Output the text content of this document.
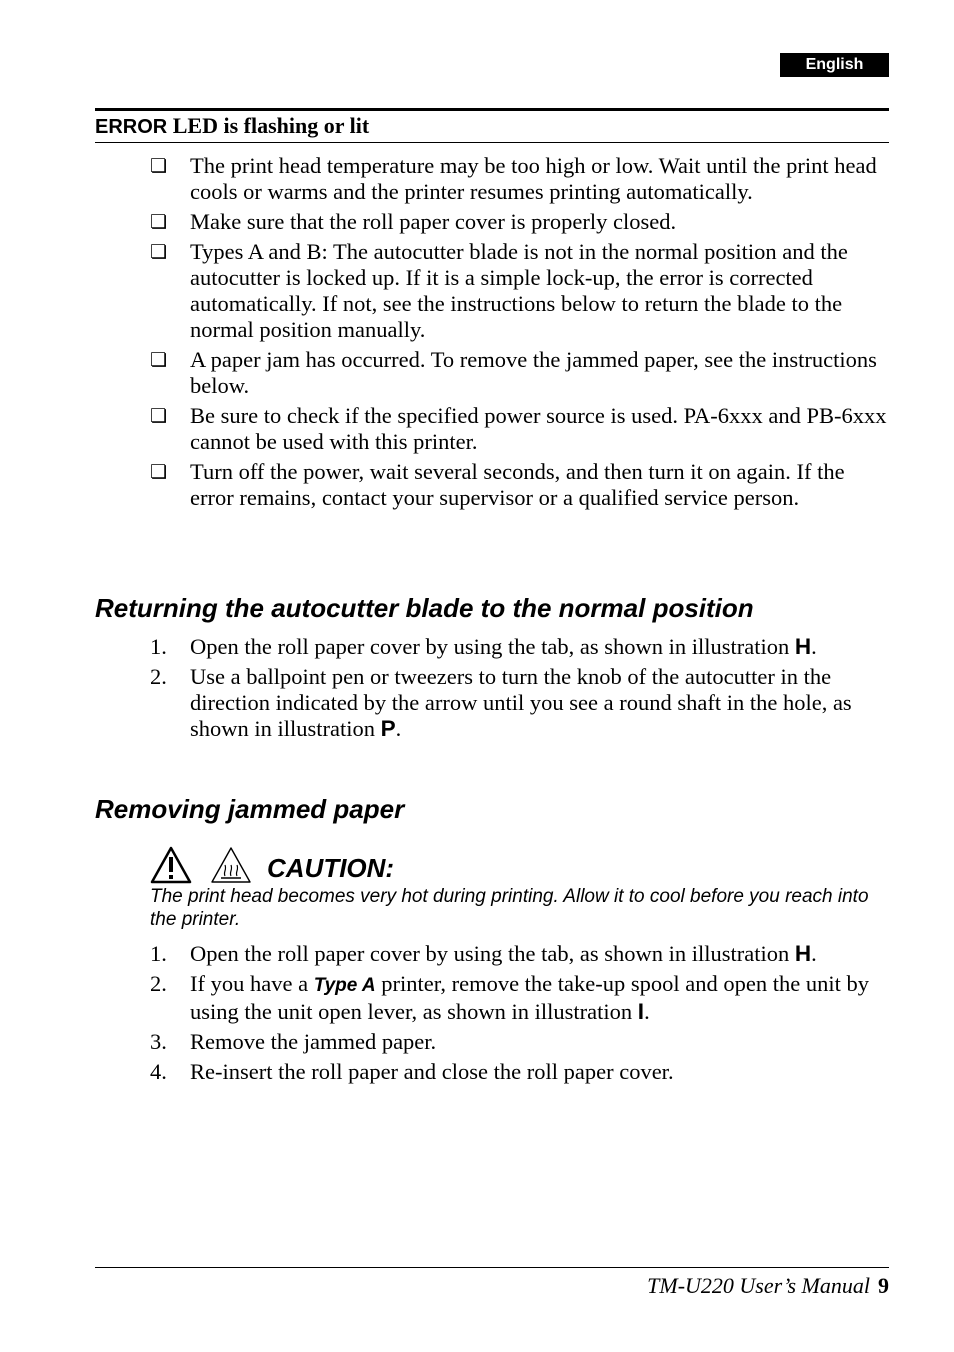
English
ERROR LED is flashing or lit
❏	The print head temperature may be too high or low. Wait until the print head cools or warms and the printer resumes printing automatically.
❏	Make sure that the roll paper cover is properly closed.
❏	Types A and B: The autocutter blade is not in the normal position and the autocutter is locked up. If it is a simple lock-up, the error is corrected automatically. If not, see the instructions below to return the blade to the normal position manually.
❏	A paper jam has occurred. To remove the jammed paper, see the instructions below.
❏	Be sure to check if the specified power source is used. PA-6xxx and PB-6xxx cannot be used with this printer.
❏	Turn off the power, wait several seconds, and then turn it on again. If the error remains, contact your supervisor or a qualified service person.
Returning the autocutter blade to the normal position
1.	Open the roll paper cover by using the tab, as shown in illustration H.
2.	Use a ballpoint pen or tweezers to turn the knob of the autocutter in the direction indicated by the arrow until you see a round shaft in the hole, as shown in illustration P.
Removing jammed paper
CAUTION:
The print head becomes very hot during printing. Allow it to cool before you reach into the printer.
1.	Open the roll paper cover by using the tab, as shown in illustration H.
2.	If you have a Type A printer, remove the take-up spool and open the unit by using the unit open lever, as shown in illustration I.
3.	Remove the jammed paper.
4.	Re-insert the roll paper and close the roll paper cover.
TM-U220 User’s Manual 9
